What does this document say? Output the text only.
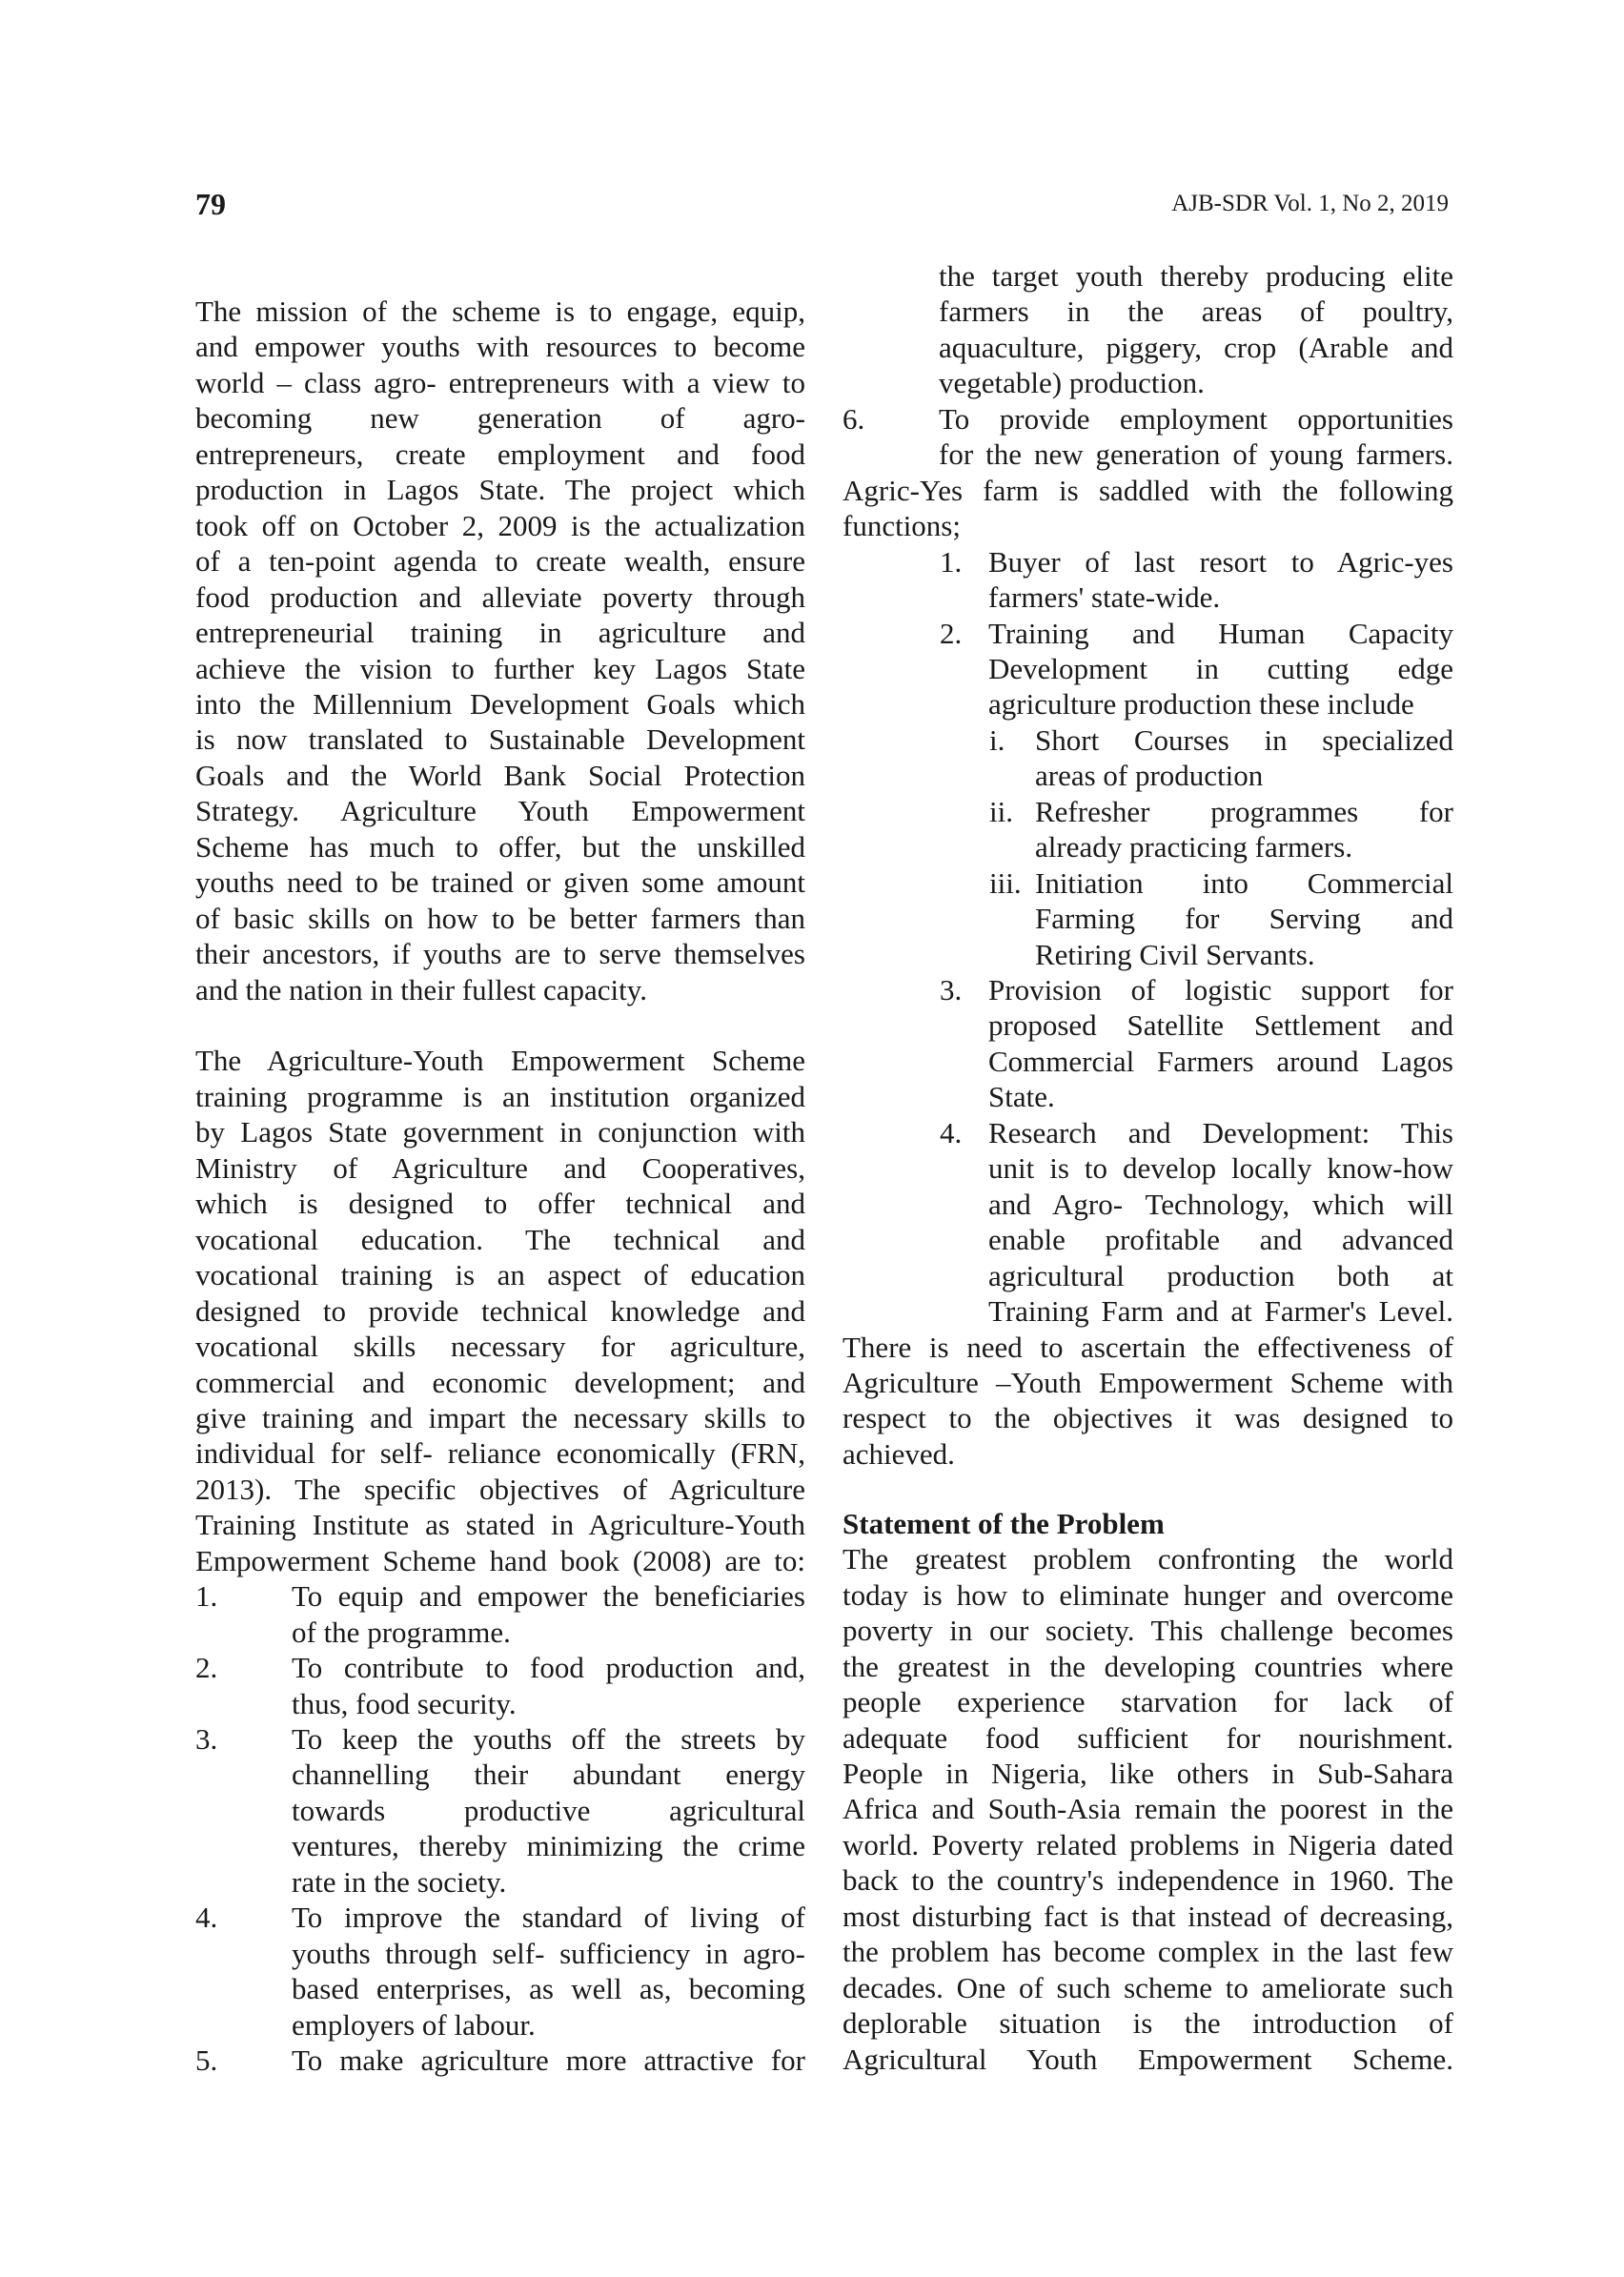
79	AJB-SDR Vol. 1, No 2, 2019
The mission of the scheme is to engage, equip,
and empower youths with resources to become
world – class agro- entrepreneurs with a view to
becoming new generation of agro-
entrepreneurs, create employment and food
production in Lagos State. The project which
took off on October 2, 2009 is the actualization
of a ten-point agenda to create wealth, ensure
food production and alleviate poverty through
entrepreneurial training in agriculture and
achieve the vision to further key Lagos State
into the Millennium Development Goals which
is now translated to Sustainable Development
Goals and the World Bank Social Protection
Strategy. Agriculture Youth Empowerment
Scheme has much to offer, but the unskilled
youths need to be trained or given some amount
of basic skills on how to be better farmers than
their ancestors, if youths are to serve themselves
and the nation in their fullest capacity.
The Agriculture-Youth Empowerment Scheme
training programme is an institution organized
by Lagos State government in conjunction with
Ministry of Agriculture and Cooperatives,
which is designed to offer technical and
vocational education. The technical and
vocational training is an aspect of education
designed to provide technical knowledge and
vocational skills necessary for agriculture,
commercial and economic development; and
give training and impart the necessary skills to
individual for self- reliance economically (FRN,
2013). The specific objectives of Agriculture
Training Institute as stated in Agriculture-Youth
Empowerment Scheme hand book (2008) are to:
1.	To equip and empower the beneficiaries
of the programme.
2.	To contribute to food production and,
thus, food security.
3.	To keep the youths off the streets by
channelling their abundant energy
towards productive agricultural
ventures, thereby minimizing the crime
rate in the society.
4.	To improve the standard of living of
youths through self- sufficiency in agro-
based enterprises, as well as, becoming
employers of labour.
5.	To make agriculture more attractive for
the target youth thereby producing elite
farmers in the areas of poultry,
aquaculture, piggery, crop (Arable and
vegetable) production.
6.	To provide employment opportunities
for the new generation of young farmers.
Agric-Yes farm is saddled with the following
functions;
1. Buyer of last resort to Agric-yes
farmers' state-wide.
2. Training and Human Capacity
Development in cutting edge
agriculture production these include
i. Short Courses in specialized
areas of production
ii. Refresher programmes for
already practicing farmers.
iii. Initiation into Commercial
Farming for Serving and
Retiring Civil Servants.
3. Provision of logistic support for
proposed Satellite Settlement and
Commercial Farmers around Lagos
State.
4. Research and Development: This
unit is to develop locally know-how
and Agro- Technology, which will
enable profitable and advanced
agricultural production both at
Training Farm and at Farmer's Level.
There is need to ascertain the effectiveness of
Agriculture –Youth Empowerment Scheme with
respect to the objectives it was designed to
achieved.
Statement of the Problem
The greatest problem confronting the world
today is how to eliminate hunger and overcome
poverty in our society. This challenge becomes
the greatest in the developing countries where
people experience starvation for lack of
adequate food sufficient for nourishment.
People in Nigeria, like others in Sub-Sahara
Africa and South-Asia remain the poorest in the
world. Poverty related problems in Nigeria dated
back to the country's independence in 1960. The
most disturbing fact is that instead of decreasing,
the problem has become complex in the last few
decades. One of such scheme to ameliorate such
deplorable situation is the introduction of
Agricultural Youth Empowerment Scheme.
